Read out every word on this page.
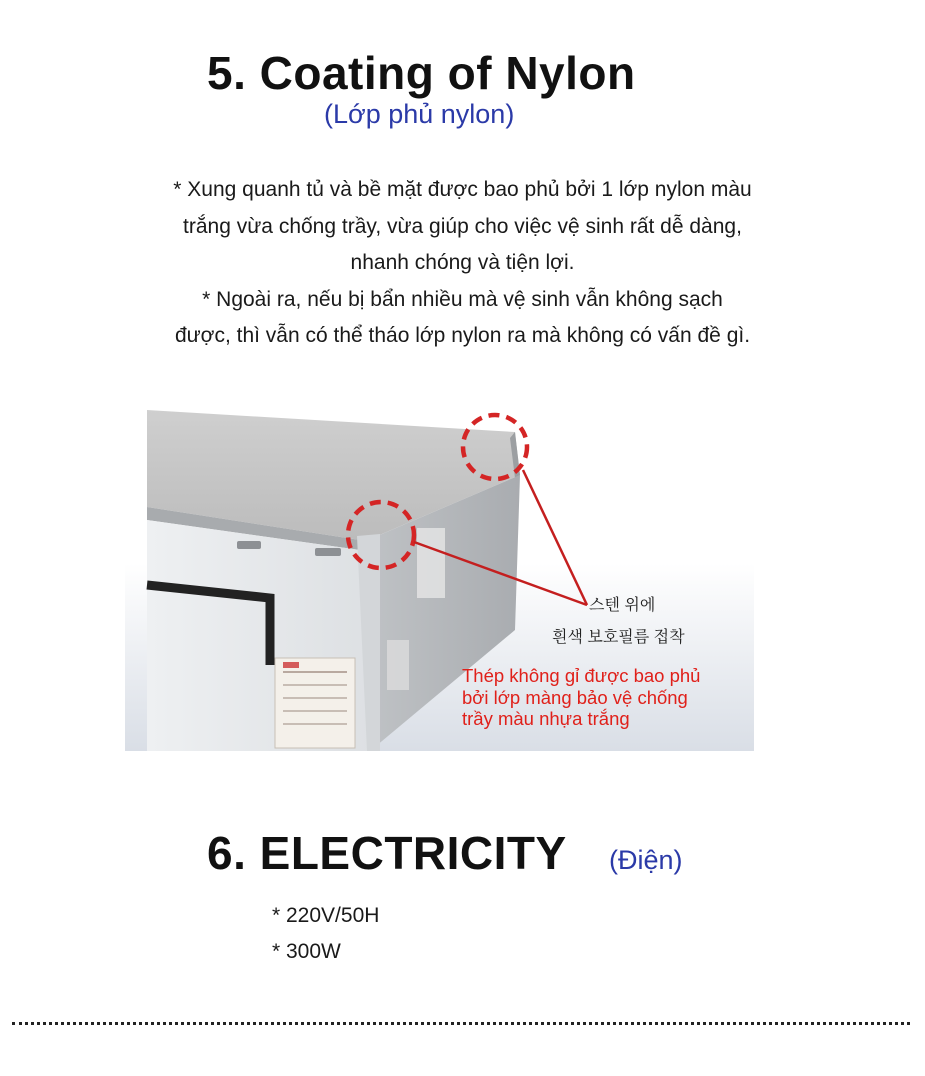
5. Coating of Nylon
(Lớp phủ nylon)

* Xung quanh tủ và bề mặt được bao phủ bởi 1 lớp nylon màu
trắng vừa chống trầy, vừa giúp cho việc vệ sinh rất dễ dàng,
nhanh chóng và tiện lợi.
* Ngoài ra, nếu bị bẩn nhiều mà vệ sinh vẫn không sạch
được, thì vẫn có thể tháo lớp nylon ra mà không có vấn đề gì.

스텐 위에
흰색 보호필름 접착
Thép không gỉ được bao phủ
bởi lớp màng bảo vệ chống
trầy màu nhựa trắng
6. ELECTRICITY (Điện)
* 220V/50H
* 300W
